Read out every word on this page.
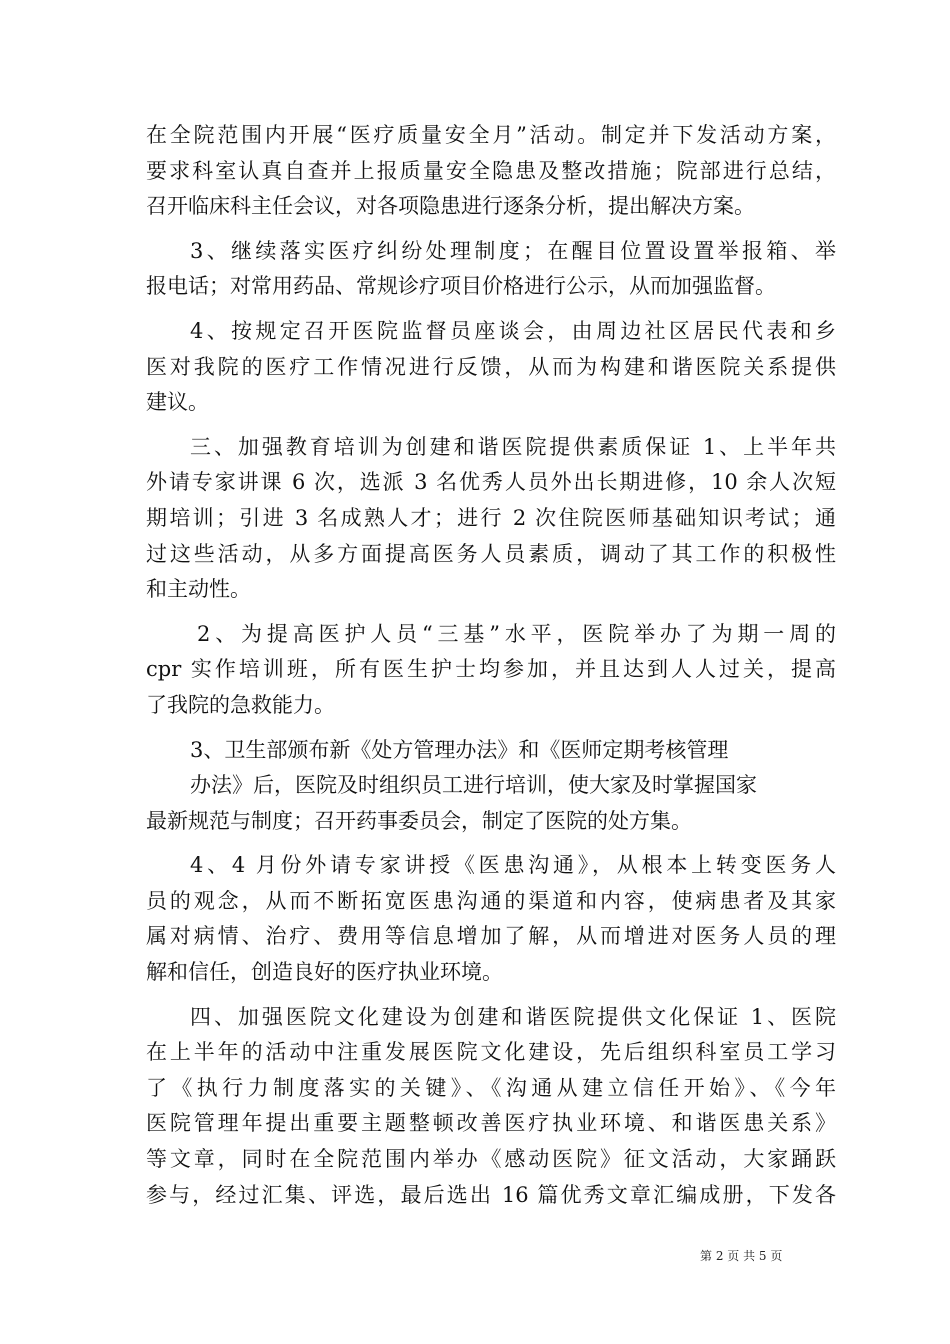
在全院范围内开展“医疗质量安全月”活动。制定并下发活动方案，
要求科室认真自查并上报质量安全隐患及整改措施；院部进行总结，
召开临床科主任会议，对各项隐患进行逐条分析，提出解决方案。
3、继续落实医疗纠纷处理制度；在醒目位置设置举报箱、举
报电话；对常用药品、常规诊疗项目价格进行公示，从而加强监督。
4、按规定召开医院监督员座谈会，由周边社区居民代表和乡
医对我院的医疗工作情况进行反馈，从而为构建和谐医院关系提供
建议。
三、加强教育培训为创建和谐医院提供素质保证 1、上半年共
外请专家讲课 6 次，选派 3 名优秀人员外出长期进修，10 余人次短
期培训；引进 3 名成熟人才；进行 2 次住院医师基础知识考试；通
过这些活动，从多方面提高医务人员素质，调动了其工作的积极性
和主动性。
2、为提高医护人员“三基”水平，医院举办了为期一周的
cpr 实作培训班，所有医生护士均参加，并且达到人人过关，提高
了我院的急救能力。
3、卫生部颁布新《处方管理办法》和《医师定期考核管理
办法》后，医院及时组织员工进行培训，使大家及时掌握国家
最新规范与制度；召开药事委员会，制定了医院的处方集。
4、4 月份外请专家讲授《医患沟通》，从根本上转变医务人
员的观念，从而不断拓宽医患沟通的渠道和内容，使病患者及其家
属对病情、治疗、费用等信息增加了解，从而增进对医务人员的理
解和信任，创造良好的医疗执业环境。
四、加强医院文化建设为创建和谐医院提供文化保证 1、医院
在上半年的活动中注重发展医院文化建设，先后组织科室员工学习
了《执行力制度落实的关键》、《沟通从建立信任开始》、《今年
医院管理年提出重要主题整顿改善医疗执业环境、和谐医患关系》
等文章，同时在全院范围内举办《感动医院》征文活动，大家踊跃
参与，经过汇集、评选，最后选出 16 篇优秀文章汇编成册，下发各
第 2 页 共 5 页
